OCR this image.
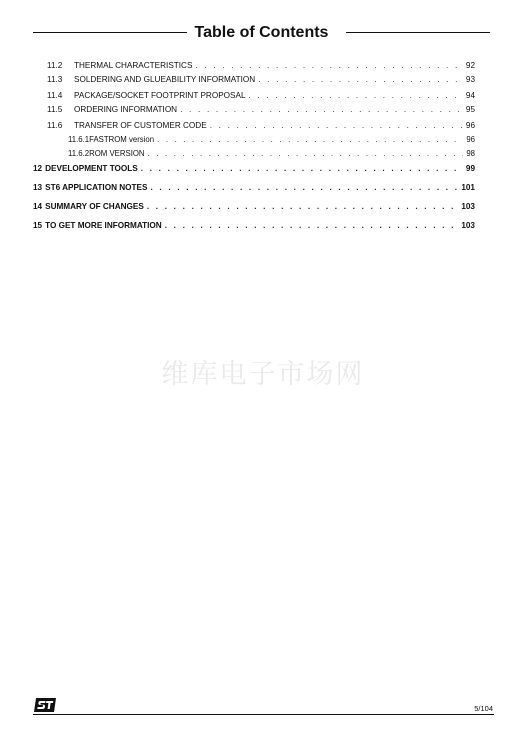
Table of Contents
11.2	THERMAL CHARACTERISTICS . . .	92
11.3	SOLDERING AND GLUEABILITY INFORMATION . . .	93
11.4	PACKAGE/SOCKET FOOTPRINT PROPOSAL . . .	94
11.5	ORDERING INFORMATION . . .	95
11.6	TRANSFER OF CUSTOMER CODE . . .	96
11.6.1 FASTROM version . . .	96
11.6.2 ROM VERSION . . .	98
12 DEVELOPMENT TOOLS . . .	99
13 ST6 APPLICATION NOTES . . .	101
14 SUMMARY OF CHANGES . . .	103
15 TO GET MORE INFORMATION . . .	103
维库电子市场网
5/104
